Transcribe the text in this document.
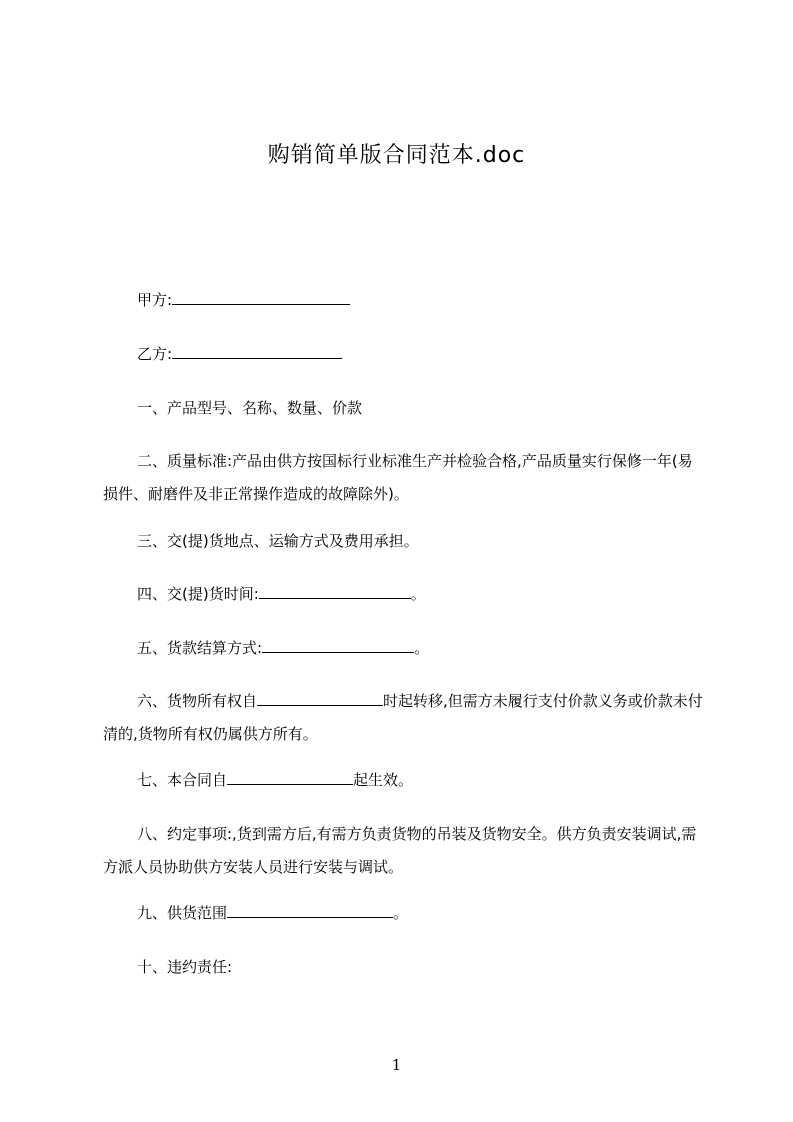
购销简单版合同范本.doc
甲方:
乙方:
一、产品型号、名称、数量、价款
二、质量标准:产品由供方按国标行业标准生产并检验合格,产品质量实行保修一年(易损件、耐磨件及非正常操作造成的故障除外)。
三、交(提)货地点、运输方式及费用承担。
四、交(提)货时间:	。
五、货款结算方式:	。
六、货物所有权自	时起转移,但需方未履行支付价款义务或价款未付清的,货物所有权仍属供方所有。
七、本合同自	起生效。
八、约定事项:,货到需方后,有需方负责货物的吊装及货物安全。供方负责安装调试,需方派人员协助供方安装人员进行安装与调试。
九、供货范围	。
十、违约责任:
1
